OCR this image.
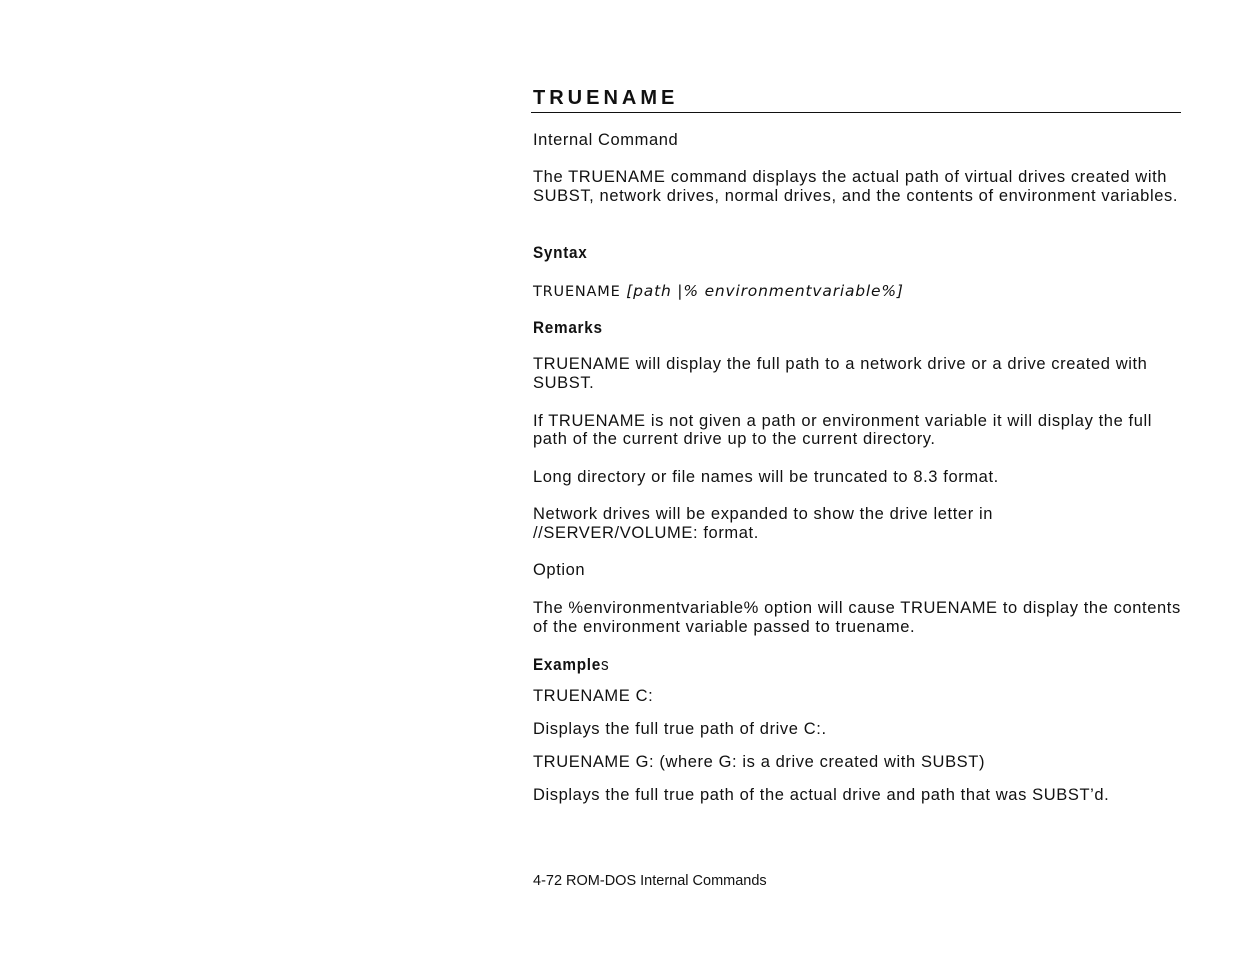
TRUENAME

Internal Command

The TRUENAME command displays the actual path of virtual drives created with SUBST, network drives, normal drives, and the contents of environment variables.

Syntax
TRUENAME [path |% environmentvariable%]
Remarks

TRUENAME will display the full path to a network drive or a drive created with SUBST.

If TRUENAME is not given a path or environment variable it will display the full path of the current drive up to the current directory.

Long directory or file names will be truncated to 8.3 format.

Network drives will be expanded to show the drive letter in //SERVER/VOLUME: format.

Option

The %environmentvariable% option will cause TRUENAME to display the contents of the environment variable passed to truename.

Examples

TRUENAME C:

Displays the full true path of drive C:.

TRUENAME G: (where G: is a drive created with SUBST)

Displays the full true path of the actual drive and path that was SUBST’d.

4-72 ROM-DOS Internal Commands
